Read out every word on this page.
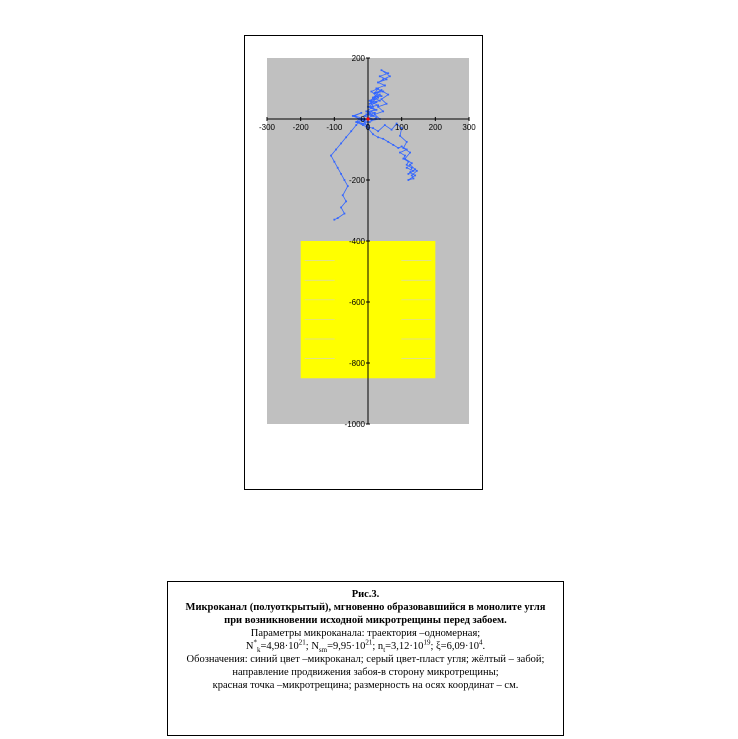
-300 -200 -100	0	100	200	300
200
0
-200
-400
-600
-800
-1000
Рис.3.
Микроканал (полуоткрытый), мгновенно образовавшийся в монолите угля при возникновении исходной микротрещины перед забоем.
Параметры микроканала: траектория –одномерная;
$N^*_k=4,98\cdot 10^{21}$; $N_{sm}=9,95\cdot 10^{21}$; $n_t=3,12\cdot 10^{19}$; $\xi=6,09\cdot 10^4$.
Обозначения: синий цвет –микроканал; серый цвет-пласт угля; жёлтый – забой;
направление продвижения забоя-в сторону микротрещины;
красная точка –микротрещина; размерность на осях координат – см.
